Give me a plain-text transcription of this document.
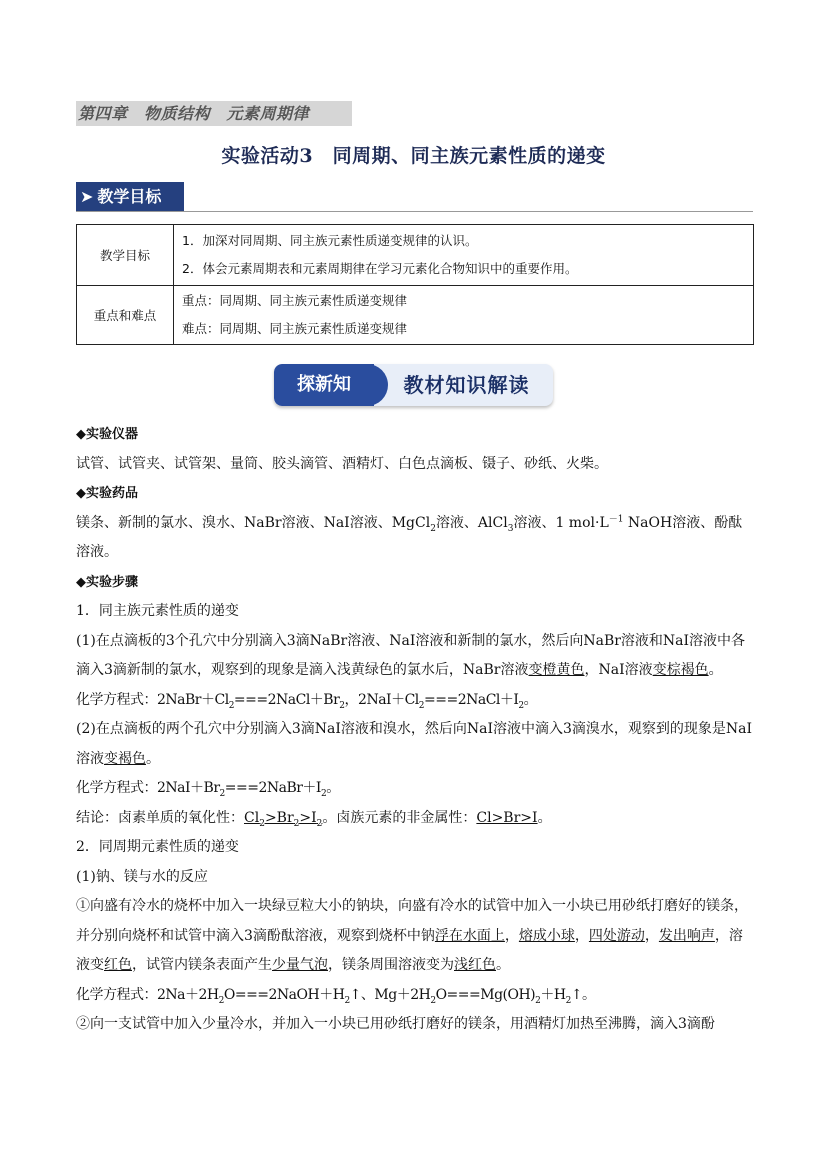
第四章　物质结构　元素周期律
实验活动3　同周期、同主族元素性质的递变
➤ 教学目标
教学目标	1．加深对同周期、同主族元素性质递变规律的认识。
2．体会元素周期表和元素周期律在学习元素化合物知识中的重要作用。

重点和难点	重点：同周期、同主族元素性质递变规律
难点：同周期、同主族元素性质递变规律
探新知	教材知识解读

◆实验仪器

试管、试管夹、试管架、量筒、胶头滴管、酒精灯、白色点滴板、镊子、砂纸、火柴。

◆实验药品

镁条、新制的氯水、溴水、NaBr溶液、NaI溶液、MgCl$_2$溶液、AlCl$_3$溶液、1 $mol\cdot L^{-1}$ NaOH溶液、酚酞溶液。

◆实验步骤

1．同主族元素性质的递变

(1)在点滴板的3个孔穴中分别滴入3滴NaBr溶液、NaI溶液和新制的氯水，然后向NaBr溶液和NaI溶液中各滴入3滴新制的氯水，观察到的现象是滴入浅黄绿色的氯水后，NaBr溶液变橙黄色，NaI溶液变棕褐色。

化学方程式：$2NaBr+Cl_2===2NaCl+Br_2$，$2NaI+Cl_2===2NaCl+I_2$。

(2)在点滴板的两个孔穴中分别滴入3滴NaI溶液和溴水，然后向NaI溶液中滴入3滴溴水，观察到的现象是NaI溶液变褐色。

化学方程式：$2NaI+Br_2===2NaBr+I_2$。

结论：卤素单质的氧化性：$Cl_2>Br_2>I_2$。卤族元素的非金属性：Cl>Br>I。

2．同周期元素性质的递变

(1)钠、镁与水的反应

①向盛有冷水的烧杯中加入一块绿豆粒大小的钠块，向盛有冷水的试管中加入一小块已用砂纸打磨好的镁条，并分别向烧杯和试管中滴入3滴酚酞溶液，观察到烧杯中钠浮在水面上，熔成小球，四处游动，发出响声，溶液变红色，试管内镁条表面产生少量气泡，镁条周围溶液变为浅红色。

化学方程式：$2Na+2H_2O===2NaOH+H_2↑$、$Mg+2H_2O===Mg(OH)_2+H_2↑$。

②向一支试管中加入少量冷水，并加入一小块已用砂纸打磨好的镁条，用酒精灯加热至沸腾，滴入3滴酚
